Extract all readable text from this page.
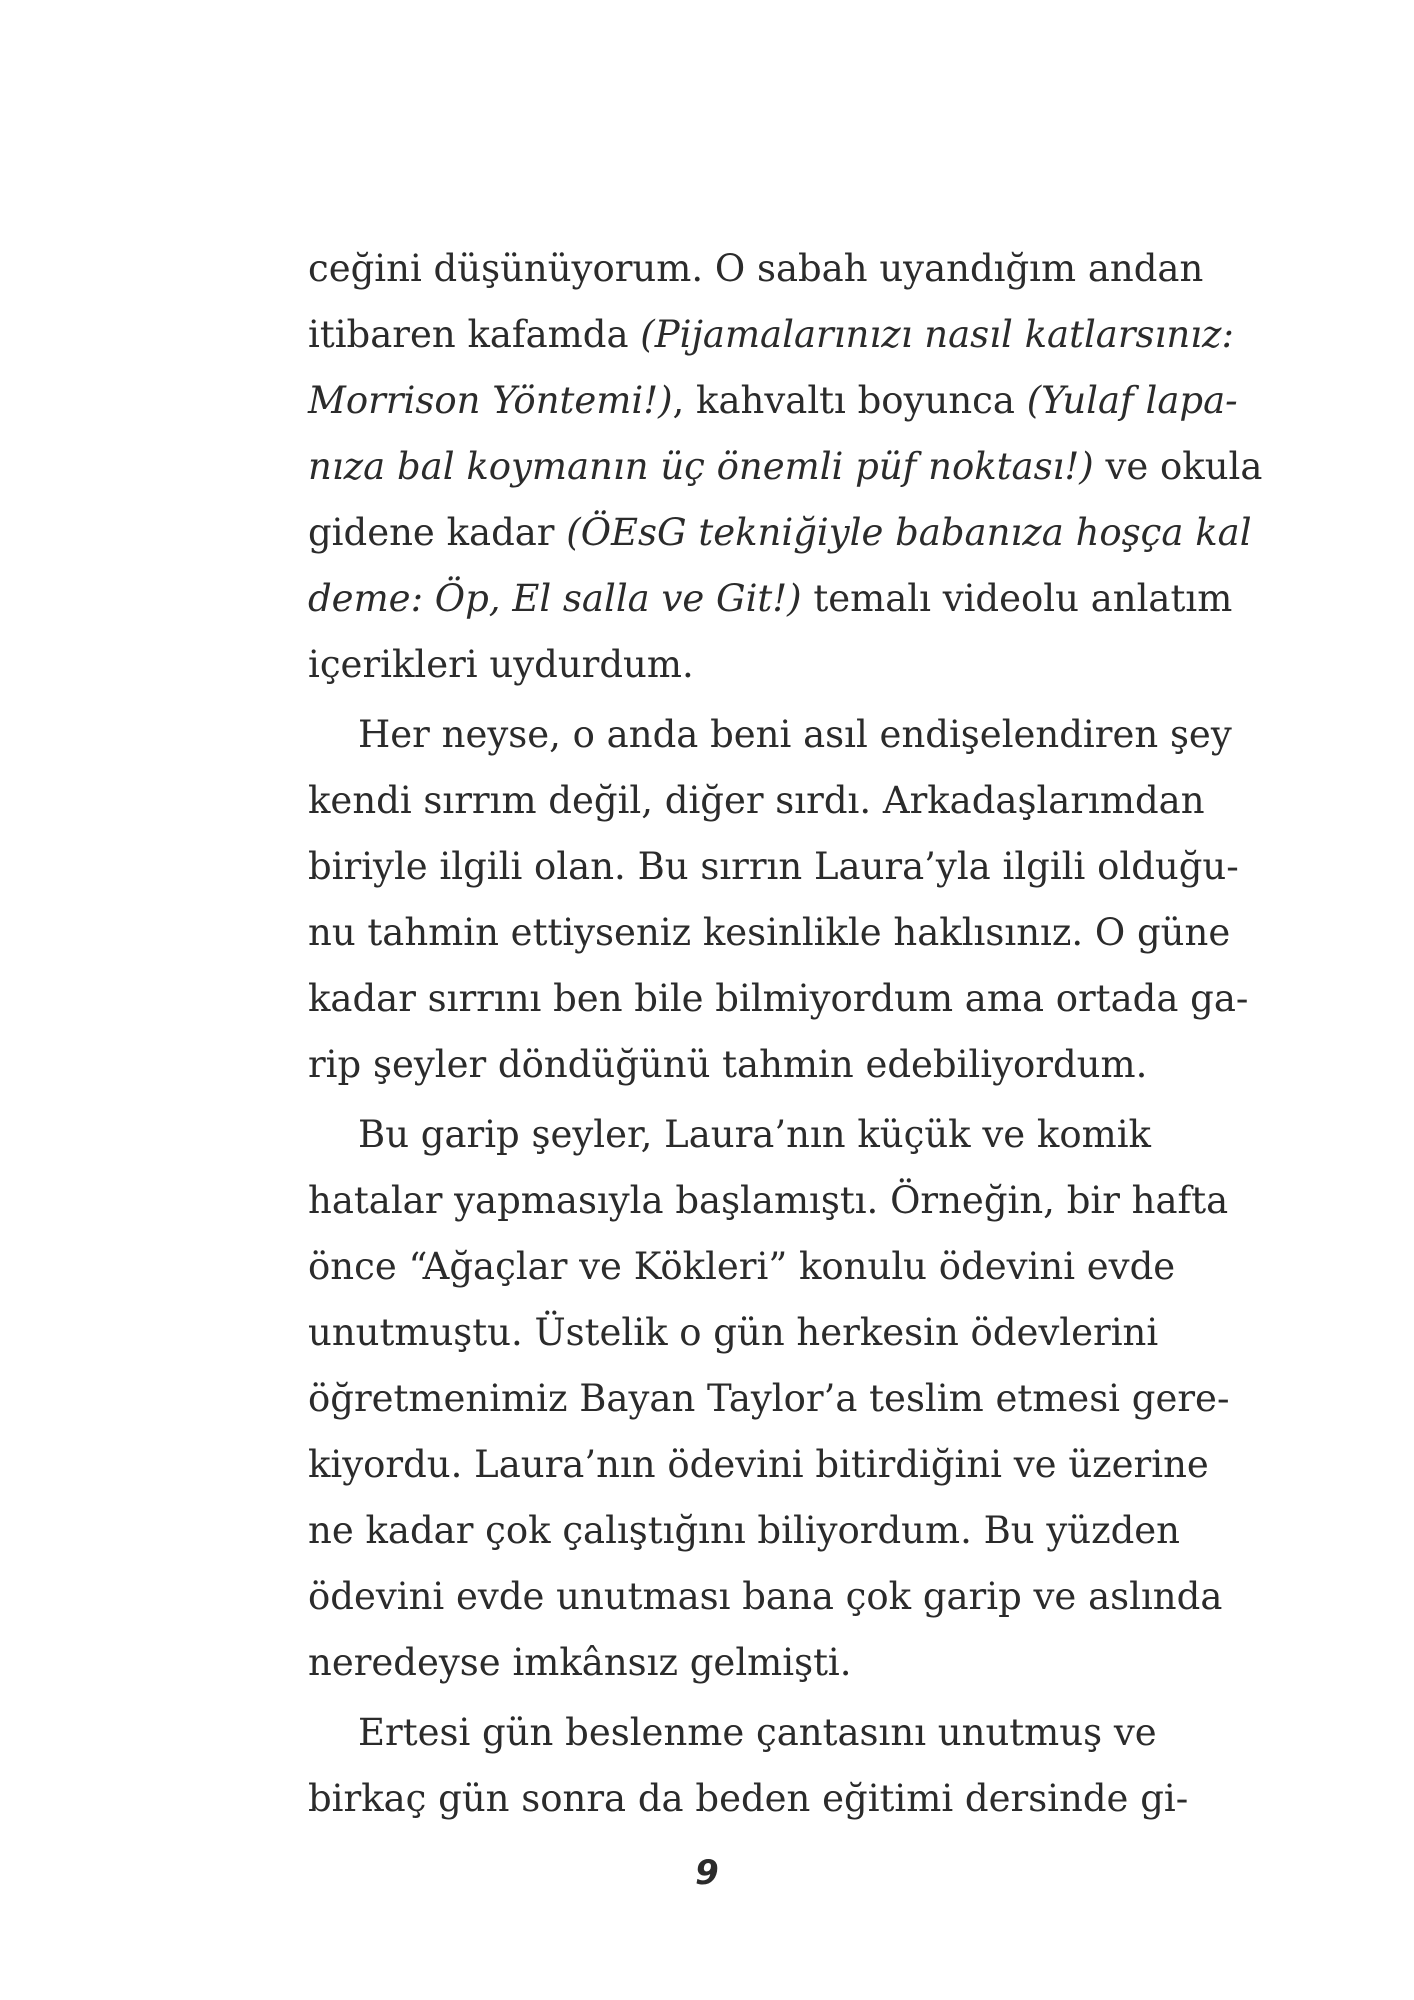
ceğini düşünüyorum. O sabah uyandığım andan
itibaren kafamda (Pijamalarınızı nasıl katlarsınız:
Morrison Yöntemi!), kahvaltı boyunca (Yulaf lapa-
nıza bal koymanın üç önemli püf noktası!) ve okula
gidene kadar (ÖEsG tekniğiyle babanıza hoşça kal
deme: Öp, El salla ve Git!) temalı videolu anlatım
içerikleri uydurdum.
Her neyse, o anda beni asıl endişelendiren şey
kendi sırrım değil, diğer sırdı. Arkadaşlarımdan
biriyle ilgili olan. Bu sırrın Laura’yla ilgili olduğu-
nu tahmin ettiyseniz kesinlikle haklısınız. O güne
kadar sırrını ben bile bilmiyordum ama ortada ga-
rip şeyler döndüğünü tahmin edebiliyordum.
Bu garip şeyler, Laura’nın küçük ve komik
hatalar yapmasıyla başlamıştı. Örneğin, bir hafta
önce “Ağaçlar ve Kökleri” konulu ödevini evde
unutmuştu. Üstelik o gün herkesin ödevlerini
öğretmenimiz Bayan Taylor’a teslim etmesi gere-
kiyordu. Laura’nın ödevini bitirdiğini ve üzerine
ne kadar çok çalıştığını biliyordum. Bu yüzden
ödevini evde unutması bana çok garip ve aslında
neredeyse imkânsız gelmişti.
Ertesi gün beslenme çantasını unutmuş ve
birkaç gün sonra da beden eğitimi dersinde gi-
9
